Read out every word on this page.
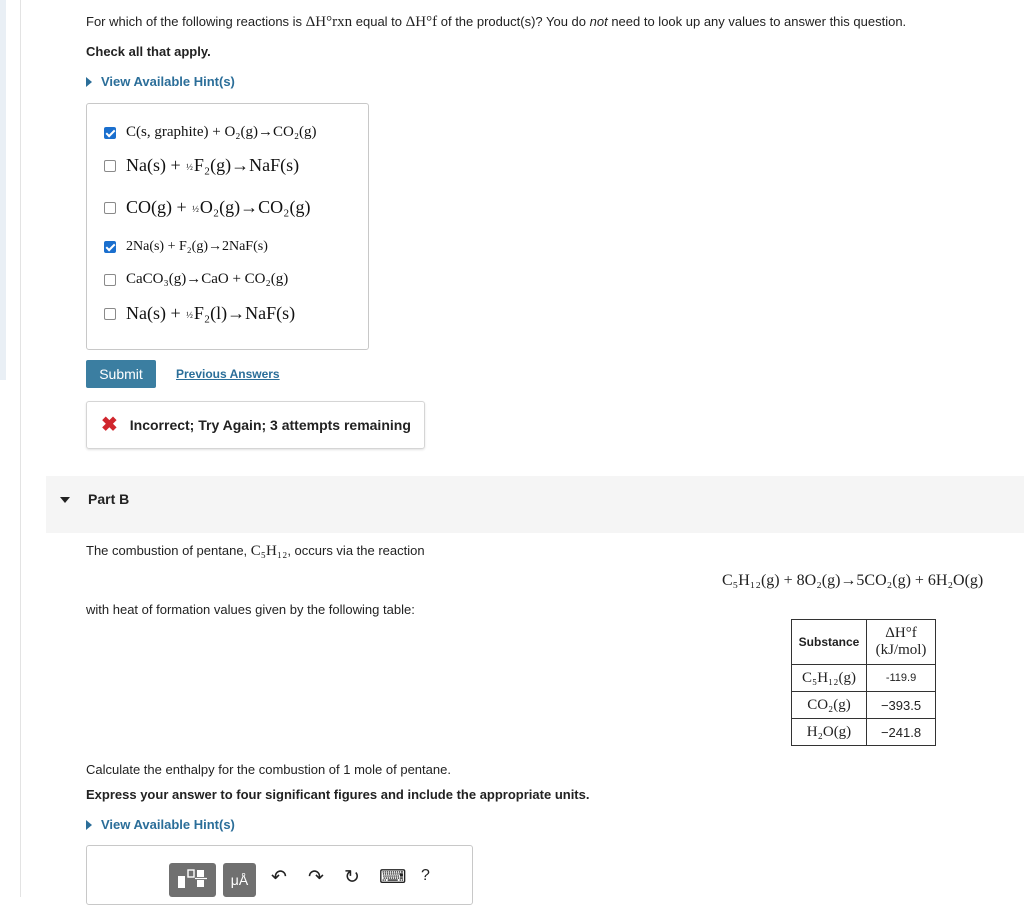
For which of the following reactions is ΔH°rxn equal to ΔH°f of the product(s)? You do not need to look up any values to answer this question.
Check all that apply.
View Available Hint(s)
C(s, graphite) + O₂(g)→CO₂(g)
Na(s) + ½F₂(g)→NaF(s)
CO(g) + ½O₂(g)→CO₂(g)
2Na(s) + F₂(g)→2NaF(s)
CaCO₃(g)→CaO + CO₂(g)
Na(s) + ½F₂(l)→NaF(s)
Submit	Previous Answers
✖ Incorrect; Try Again; 3 attempts remaining
Part B
The combustion of pentane, C₅H₁₂, occurs via the reaction
C₅H₁₂(g) + 8O₂(g)→5CO₂(g) + 6H₂O(g)
with heat of formation values given by the following table:
Substance	ΔH°f
(kJ/mol)

C₅H₁₂(g)	-119.9
CO₂(g)	−393.5
H₂O(g)	−241.8
Calculate the enthalpy for the combustion of 1 mole of pentane.
Express your answer to four significant figures and include the appropriate units.
View Available Hint(s)
μÅ	↶ ↷ ↻ ⌨ ?
